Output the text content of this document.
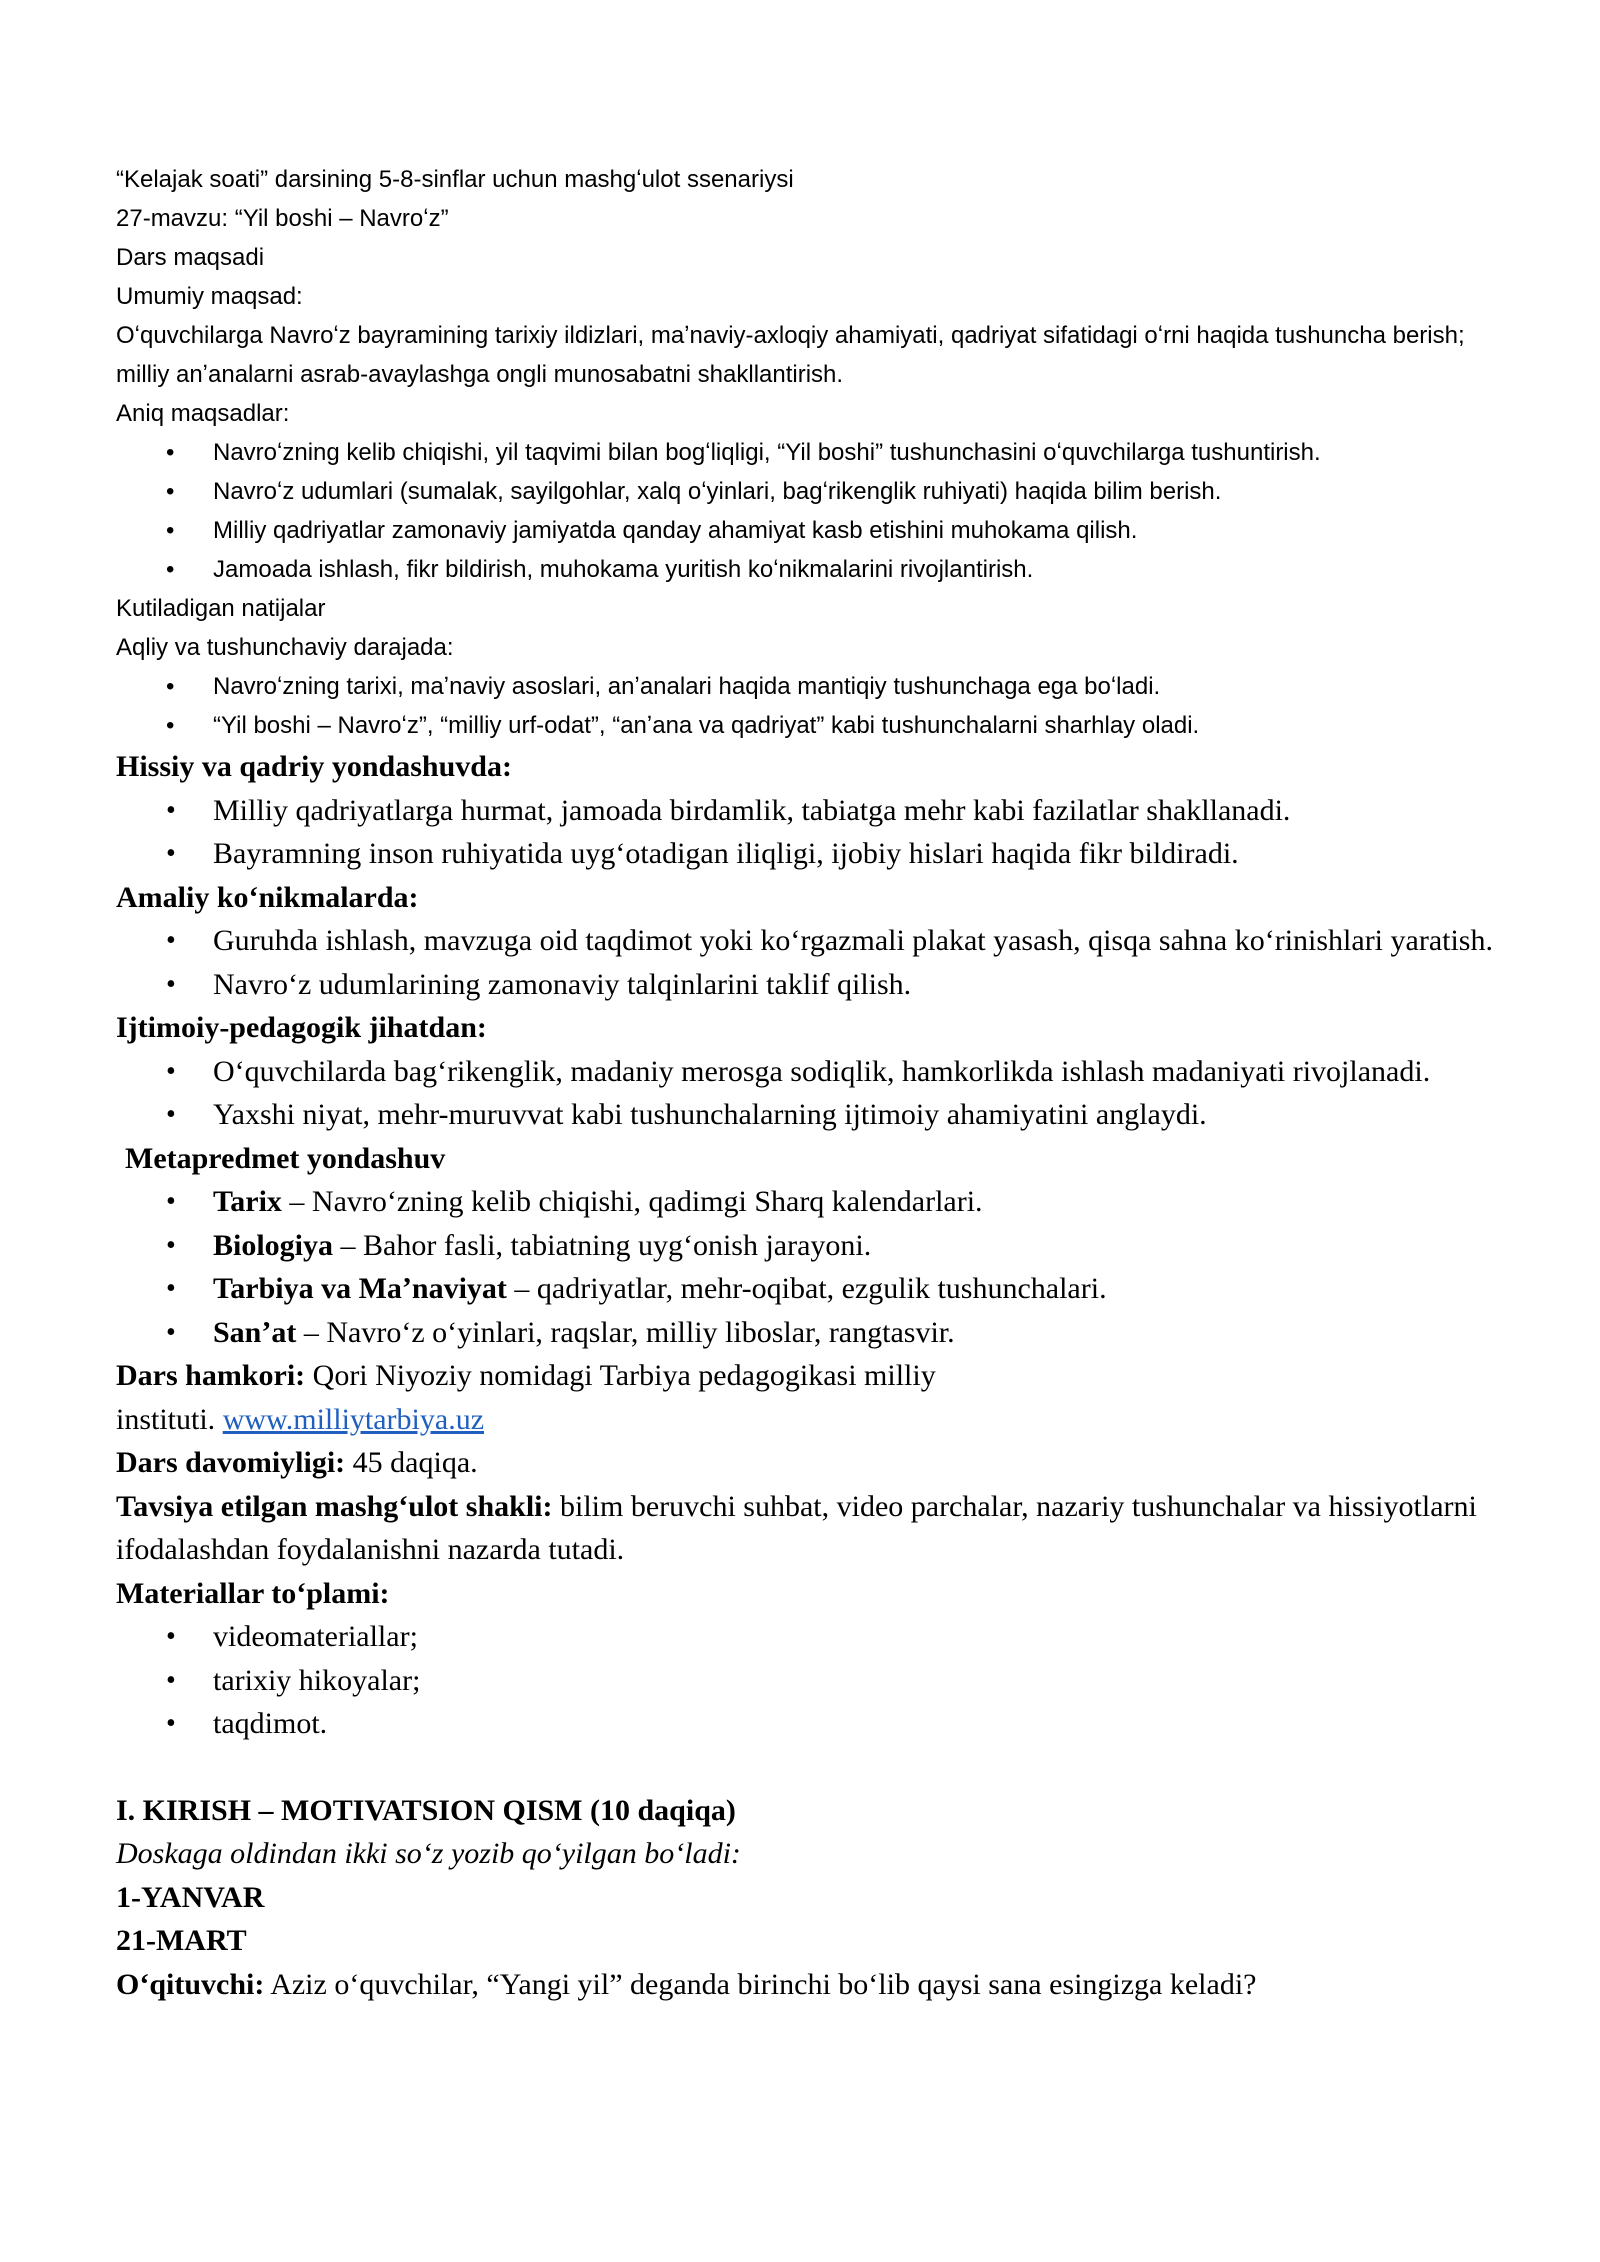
“Kelajak soati” darsining 5-8-sinflar uchun mashgʻulot ssenariysi

27-mavzu: “Yil boshi – Navroʻz”

Dars maqsadi

Umumiy maqsad:

Oʻquvchilarga Navroʻz bayramining tarixiy ildizlari, maʼnaviy-axloqiy ahamiyati, qadriyat sifatidagi oʻrni haqida tushuncha berish; milliy anʼanalarni asrab-avaylashga ongli munosabatni shakllantirish.

Aniq maqsadlar:

• Navroʻzning kelib chiqishi, yil taqvimi bilan bogʻliqligi, “Yil boshi” tushunchasini oʻquvchilarga tushuntirish.
• Navroʻz udumlari (sumalak, sayilgohlar, xalq oʻyinlari, bagʻrikenglik ruhiyati) haqida bilim berish.
• Milliy qadriyatlar zamonaviy jamiyatda qanday ahamiyat kasb etishini muhokama qilish.
• Jamoada ishlash, fikr bildirish, muhokama yuritish koʻnikmalarini rivojlantirish.

Kutiladigan natijalar

Aqliy va tushunchaviy darajada:

• Navroʻzning tarixi, maʼnaviy asoslari, anʼanalari haqida mantiqiy tushunchaga ega boʻladi.
• “Yil boshi – Navroʻz”, “milliy urf-odat”, “anʼana va qadriyat” kabi tushunchalarni sharhlay oladi.

Hissiy va qadriy yondashuvda:

• Milliy qadriyatlarga hurmat, jamoada birdamlik, tabiatga mehr kabi fazilatlar shakllanadi.
• Bayramning inson ruhiyatida uygʻotadigan iliqligi, ijobiy hislari haqida fikr bildiradi.

Amaliy koʻnikmalarda:

• Guruhda ishlash, mavzuga oid taqdimot yoki koʻrgazmali plakat yasash, qisqa sahna koʻrinishlari yaratish.
• Navroʻz udumlarining zamonaviy talqinlarini taklif qilish.

Ijtimoiy-pedagogik jihatdan:

• Oʻquvchilarda bagʻrikenglik, madaniy merosga sodiqlik, hamkorlikda ishlash madaniyati rivojlanadi.
• Yaxshi niyat, mehr-muruvvat kabi tushunchalarning ijtimoiy ahamiyatini anglaydi.

Metapredmet yondashuv

• Tarix – Navroʻzning kelib chiqishi, qadimgi Sharq kalendarlari.
• Biologiya – Bahor fasli, tabiatning uygʻonish jarayoni.
• Tarbiya va Maʼnaviyat – qadriyatlar, mehr-oqibat, ezgulik tushunchalari.
• Sanʼat – Navroʻz oʻyinlari, raqslar, milliy liboslar, rangtasvir.

Dars hamkori: Qori Niyoziy nomidagi Tarbiya pedagogikasi milliy

instituti. www.milliytarbiya.uz

Dars davomiyligi: 45 daqiqa.

Tavsiya etilgan mashgʻulot shakli: bilim beruvchi suhbat, video parchalar, nazariy tushunchalar va hissiyotlarni ifodalashdan foydalanishni nazarda tutadi.

Materiallar toʻplami:

• videomateriallar;
• tarixiy hikoyalar;
• taqdimot.

I. KIRISH – MOTIVATSION QISM (10 daqiqa)

Doskaga oldindan ikki soʻz yozib qoʻyilgan boʻladi:

1-YANVAR

21-MART

Oʻqituvchi: Aziz oʻquvchilar, “Yangi yil” deganda birinchi boʻlib qaysi sana esingizga keladi?
